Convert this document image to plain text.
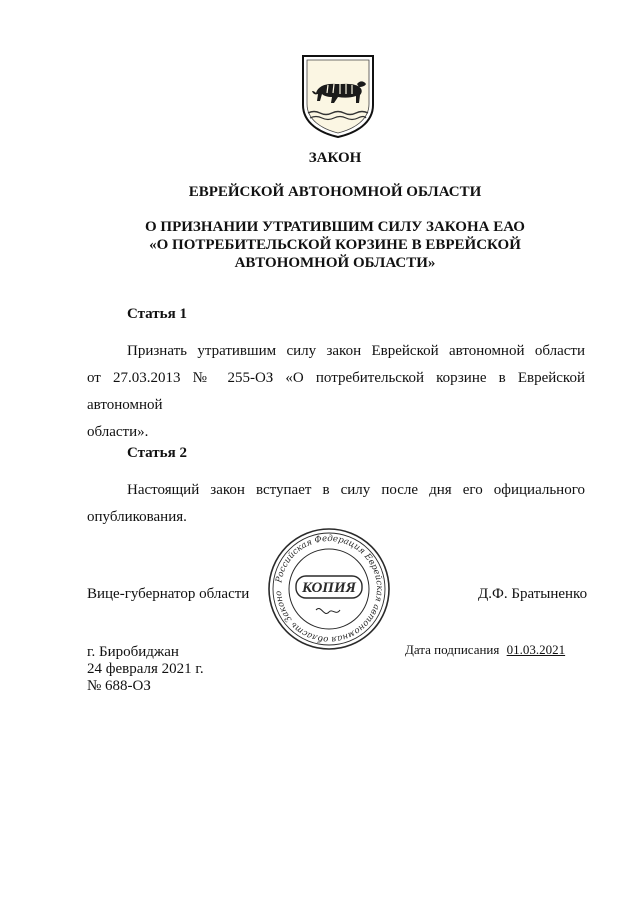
ЗАКОН
ЕВРЕЙСКОЙ АВТОНОМНОЙ ОБЛАСТИ
О ПРИЗНАНИИ УТРАТИВШИМ СИЛУ ЗАКОНА ЕАО
«О ПОТРЕБИТЕЛЬСКОЙ КОРЗИНЕ В ЕВРЕЙСКОЙ
АВТОНОМНОЙ ОБЛАСТИ»
Статья 1
Признать утратившим силу закон Еврейской автономной области
от 27.03.2013 № 255-ОЗ «О потребительской корзине в Еврейской автономной
области».
Статья 2
Настоящий закон вступает в силу после дня его официального
опубликования.
Российская Федерация Еврейская автономная область Законо	КОПИЯ
Вице-губернатор области	Д.Ф. Братыненко
Дата подписания 01.03.2021
г. Биробиджан
24 февраля 2021 г.
№ 688-ОЗ
